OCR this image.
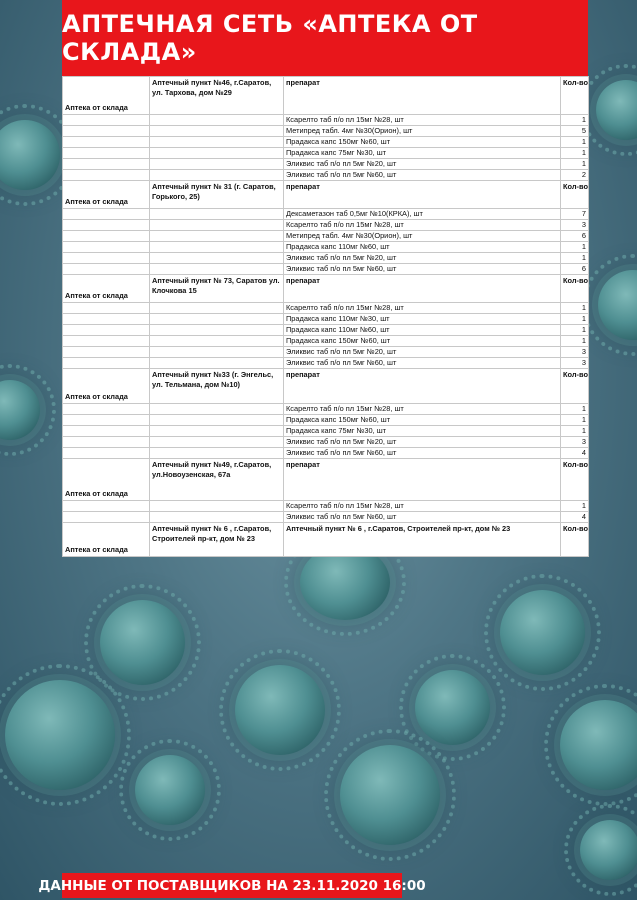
АПТЕЧНАЯ СЕТЬ «АПТЕКА ОТ СКЛАДА»
Аптека от склада	Аптечный пункт №46, г.Саратов, ул. Тархова, дом №29	препарат	Кол-во
		Ксарелто таб п/о пл 15мг №28, шт	1
		Метипред табл. 4мг №30(Орион), шт	5
		Прадакса капс 150мг №60, шт	1
		Прадакса капс 75мг №30, шт	1
		Эликвис таб п/о пл 5мг №20, шт	1
		Эликвис таб п/о пл 5мг №60, шт	2
Аптека от склада	Аптечный пункт № 31 (г. Саратов, Горького, 25)	препарат	Кол-во
		Дексаметазон таб 0,5мг №10(КРКА), шт	7
		Ксарелто таб п/о пл 15мг №28, шт	3
		Метипред табл. 4мг №30(Орион), шт	6
		Прадакса капс 110мг №60, шт	1
		Эликвис таб п/о пл 5мг №20, шт	1
		Эликвис таб п/о пл 5мг №60, шт	6
Аптека от склада	Аптечный пункт № 73, Саратов ул. Клочкова 15	препарат	Кол-во
		Ксарелто таб п/о пл 15мг №28, шт	1
		Прадакса капс 110мг №30, шт	1
		Прадакса капс 110мг №60, шт	1
		Прадакса капс 150мг №60, шт	1
		Эликвис таб п/о пл 5мг №20, шт	3
		Эликвис таб п/о пл 5мг №60, шт	3
Аптека от склада	Аптечный пункт №33 (г. Энгельс, ул. Тельмана, дом №10)	препарат	Кол-во
		Ксарелто таб п/о пл 15мг №28, шт	1
		Прадакса капс 150мг №60, шт	1
		Прадакса капс 75мг №30, шт	1
		Эликвис таб п/о пл 5мг №20, шт	3
		Эликвис таб п/о пл 5мг №60, шт	4
Аптека от склада	Аптечный пункт №49, г.Саратов, ул.Новоузенская, 67а	препарат	Кол-во
		Ксарелто таб п/о пл 15мг №28, шт	1
		Эликвис таб п/о пл 5мг №60, шт	4
Аптека от склада	Аптечный пункт № 6 , г.Саратов, Строителей пр-кт, дом № 23	Аптечный пункт № 6 , г.Саратов, Строителей пр-кт, дом № 23	Кол-во
ДАННЫЕ ОТ ПОСТАВЩИКОВ НА 23.11.2020 16:00
